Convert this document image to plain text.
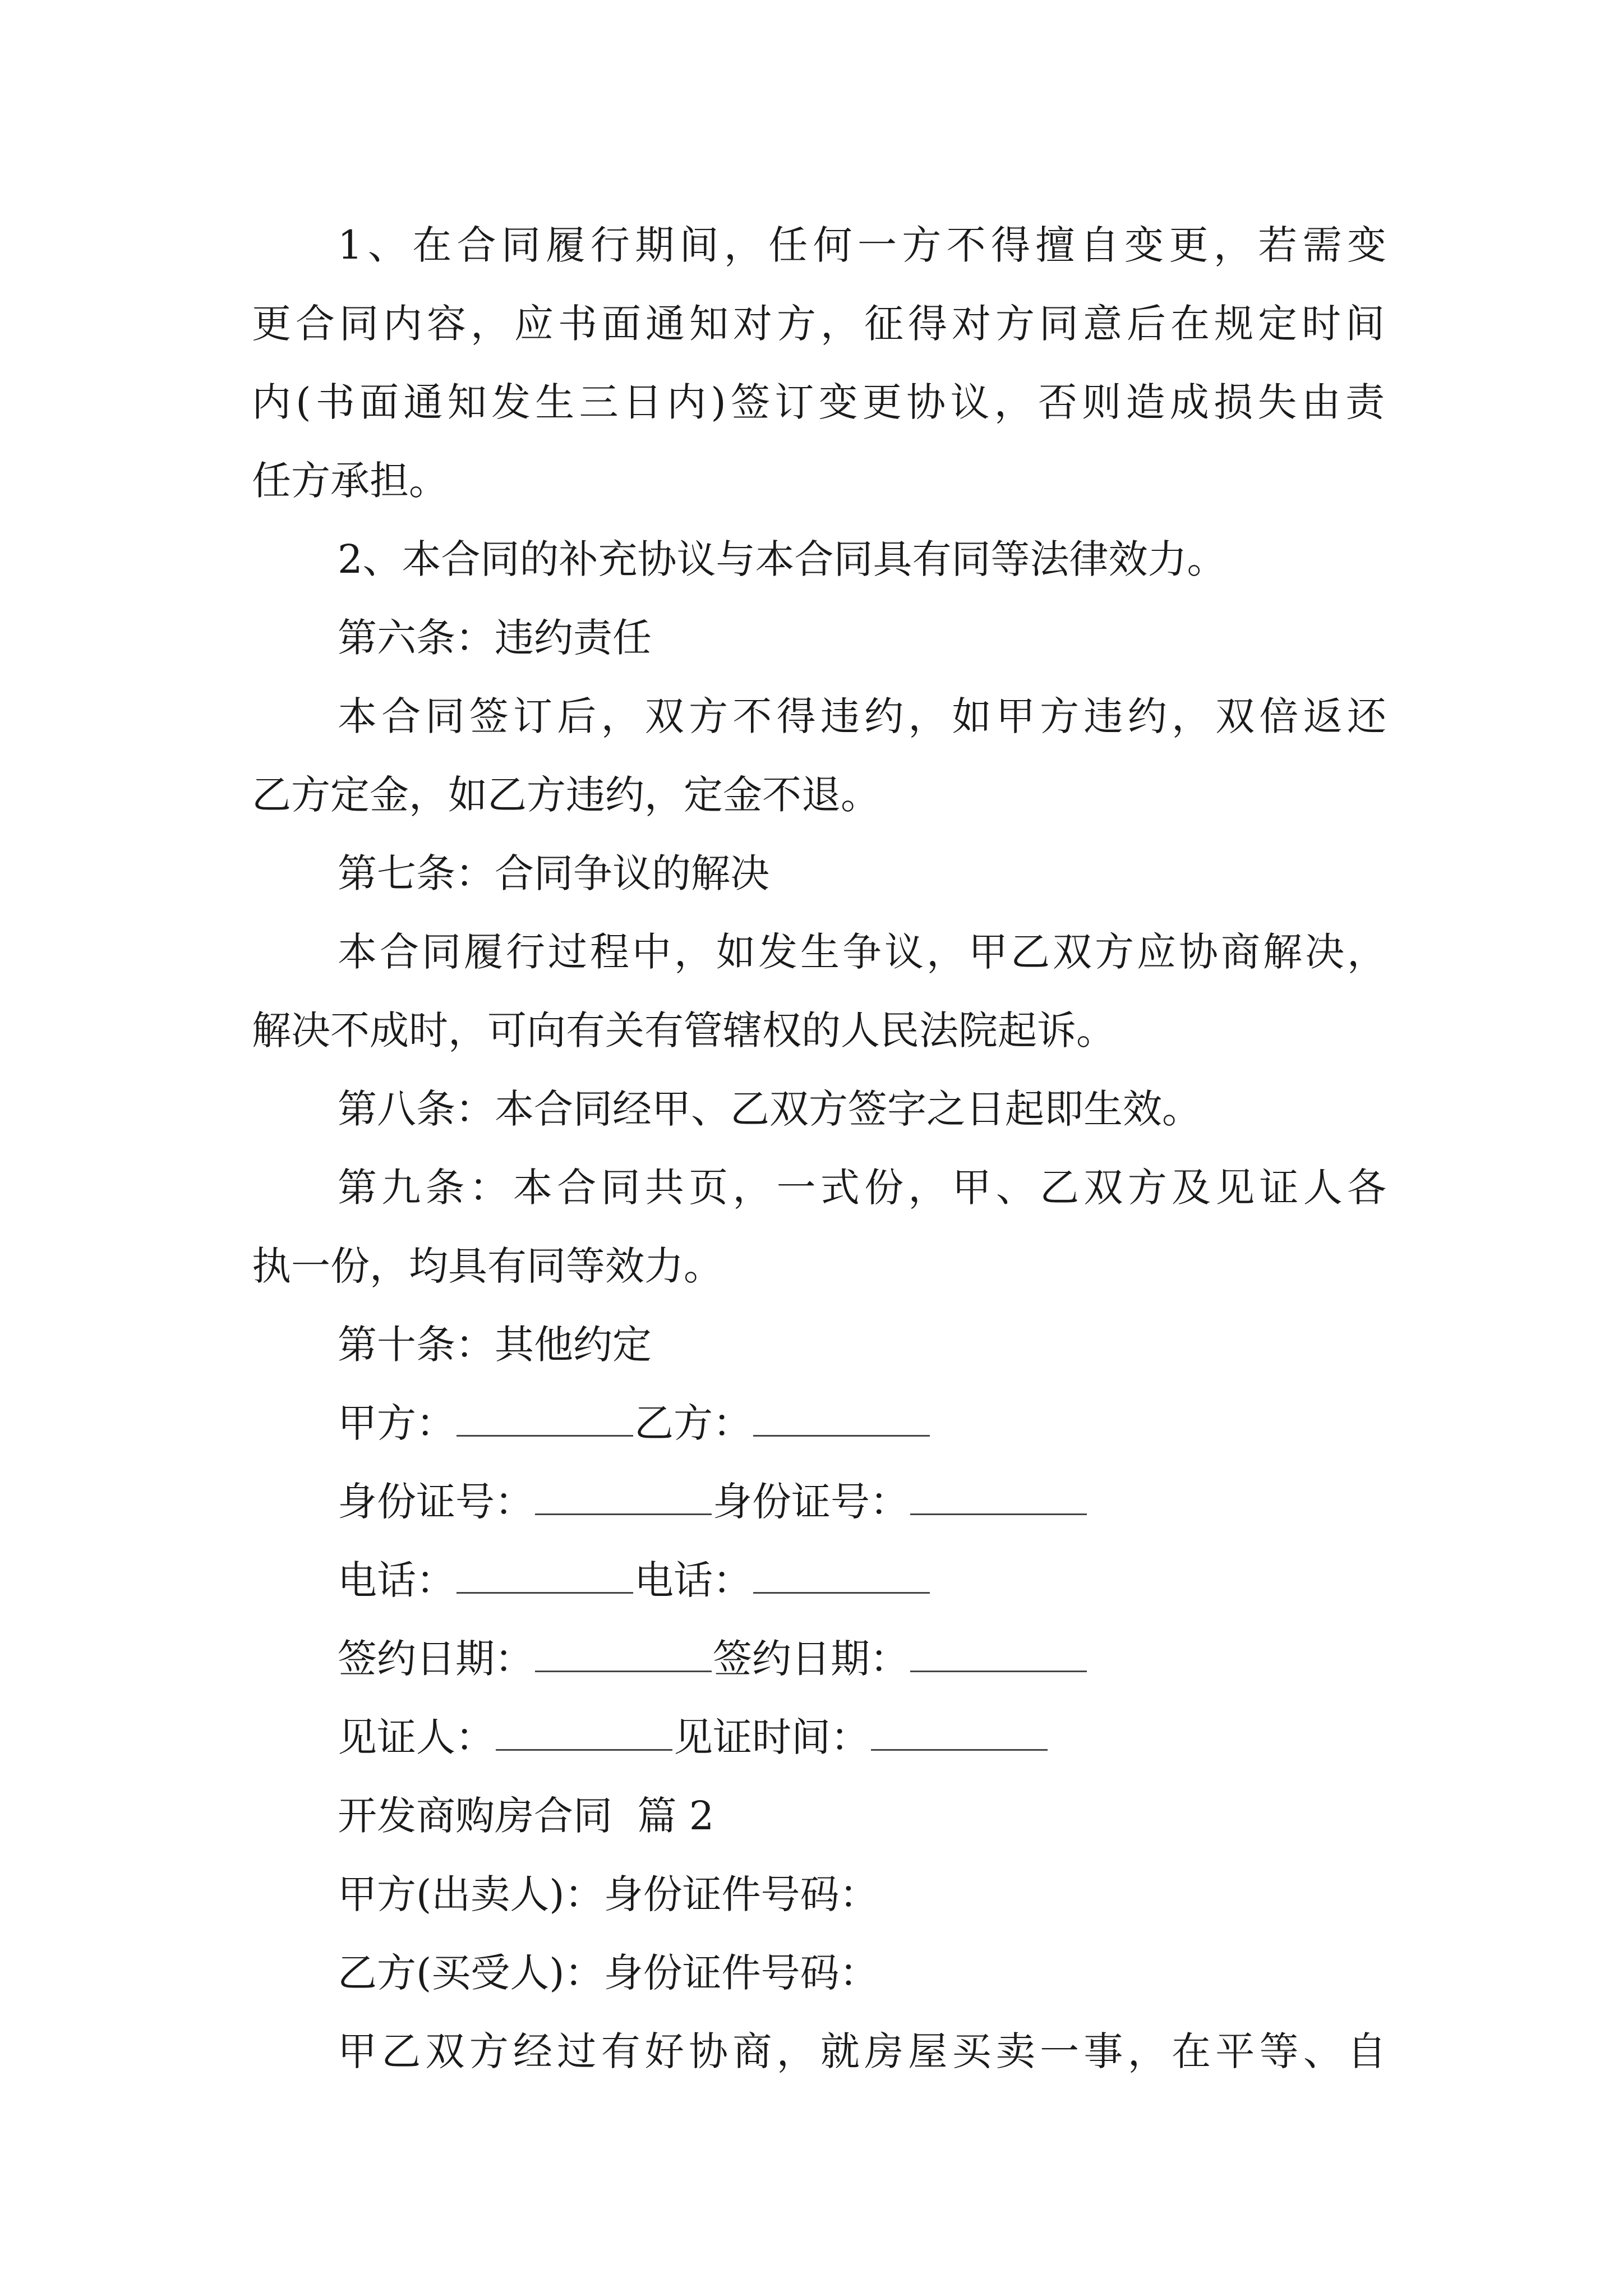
1、在合同履行期间，任何一方不得擅自变更，若需变
更合同内容，应书面通知对方，征得对方同意后在规定时间
内(书面通知发生三日内)签订变更协议，否则造成损失由责
任方承担。
2、本合同的补充协议与本合同具有同等法律效力。
第六条：违约责任
本合同签订后，双方不得违约，如甲方违约，双倍返还
乙方定金，如乙方违约，定金不退。
第七条：合同争议的解决
本合同履行过程中，如发生争议，甲乙双方应协商解决，
解决不成时，可向有关有管辖权的人民法院起诉。
第八条：本合同经甲、乙双方签字之日起即生效。
第九条：本合同共页，一式份，甲、乙双方及见证人各
执一份，均具有同等效力。
第十条：其他约定
甲方：	乙方：
身份证号：	身份证号：
电话：	电话：
签约日期：	签约日期：
见证人：	见证时间：
开发商购房合同  篇 2
甲方(出卖人)：身份证件号码：
乙方(买受人)：身份证件号码：
甲乙双方经过有好协商，就房屋买卖一事，在平等、自
